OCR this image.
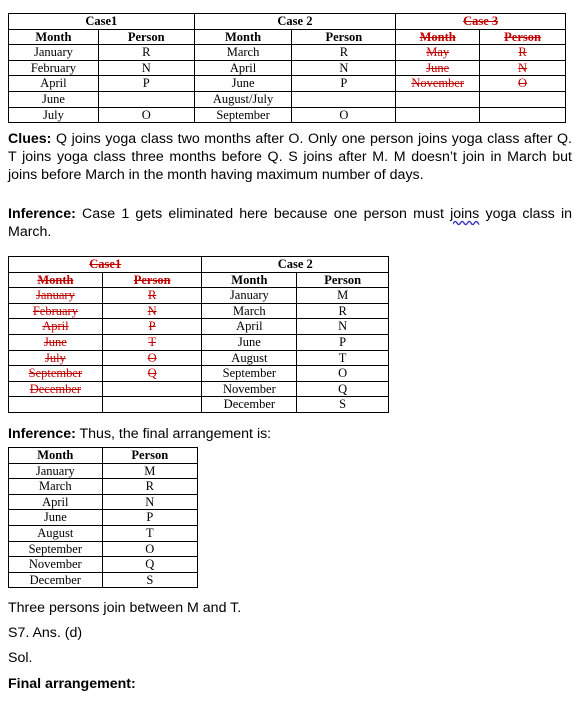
Case1		Case 2		Case 3	
Month	Person	Month	Person	Month	Person
January	R	March	R	May	R
February	N	April	N	June	N
April	P	June	P	November	O
June		August/July			
July	O	September	O		
Clues: Q joins yoga class two months after O. Only one person joins yoga class after Q. T joins yoga class three months before Q. S joins after M. M doesn’t join in March but joins before March in the month having maximum number of days.
Inference: Case 1 gets eliminated here because one person must joins yoga class in March.
Case1		Case 2	
Month	Person	Month	Person
January	R	January	M
February	N	March	R
April	P	April	N
June	T	June	P
July	O	August	T
September	Q	September	O
December		November	Q
		December	S
Inference: Thus, the final arrangement is:
Month	Person
January	M
March	R
April	N
June	P
August	T
September	O
November	Q
December	S
Three persons join between M and T.
S7. Ans. (d)
Sol.
Final arrangement:
